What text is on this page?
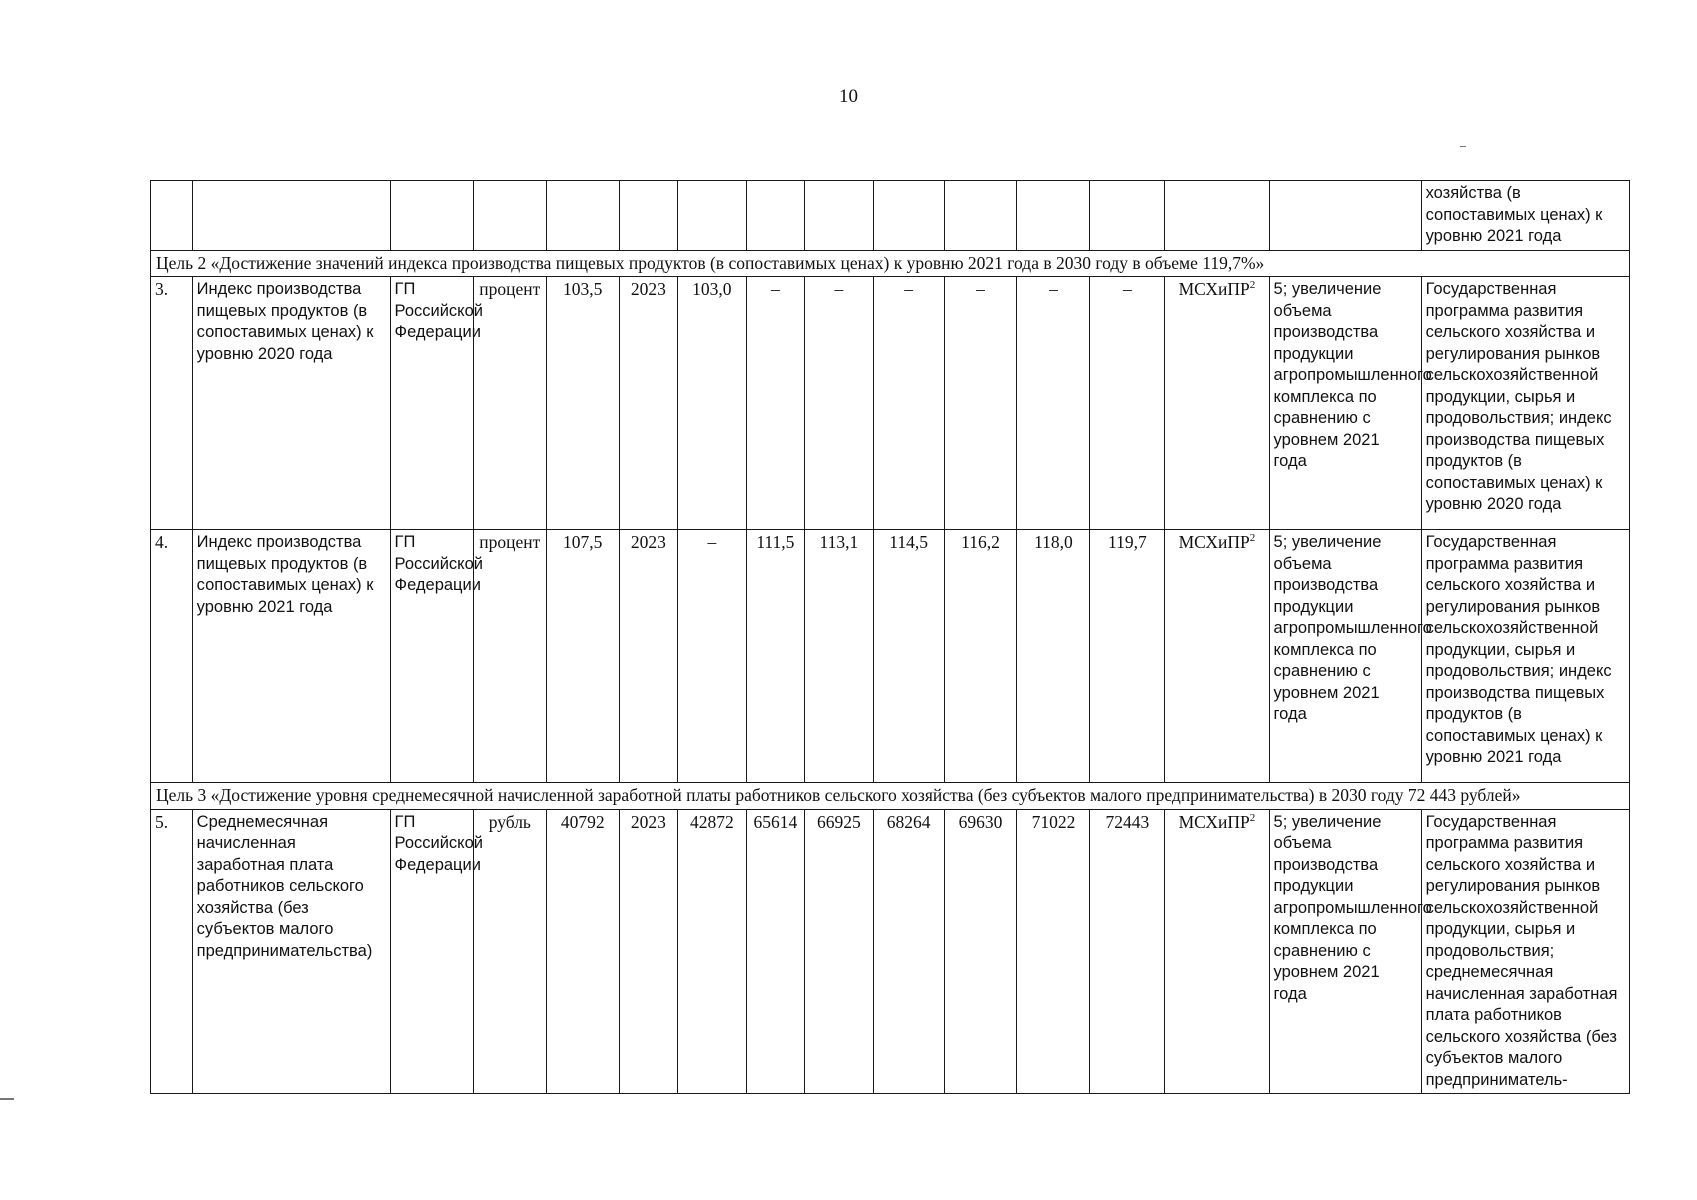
10
															хозяйства (в сопоставимых ценах) к уровню 2021 года
Цель 2 «Достижение значений индекса производства пищевых продуктов (в сопоставимых ценах) к уровню 2021 года в 2030 году в объеме 119,7%»															
3.	Индекс производства пищевых продуктов (в сопоставимых ценах) к уровню 2020 года	ГП Российской Федерации	процент	103,5	2023	103,0	–	–	–	–	–	–	МСХиПР$^2$	5; увеличение объема производства продукции агропромышленного комплекса по сравнению с уровнем 2021 года	Государственная программа развития сельского хозяйства и регулирования рынков сельскохозяйственной продукции, сырья и продовольствия; индекс производства пищевых продуктов (в сопоставимых ценах) к уровню 2020 года
4.	Индекс производства пищевых продуктов (в сопоставимых ценах) к уровню 2021 года	ГП Российской Федерации	процент	107,5	2023	–	111,5	113,1	114,5	116,2	118,0	119,7	МСХиПР$^2$	5; увеличение объема производства продукции агропромышленного комплекса по сравнению с уровнем 2021 года	Государственная программа развития сельского хозяйства и регулирования рынков сельскохозяйственной продукции, сырья и продовольствия; индекс производства пищевых продуктов (в сопоставимых ценах) к уровню 2021 года
Цель 3 «Достижение уровня среднемесячной начисленной заработной платы работников сельского хозяйства (без субъектов малого предпринимательства) в 2030 году 72 443 рублей»															
5.	Среднемесячная начисленная заработная плата работников сельского хозяйства (без субъектов малого предпринимательства)	ГП Российской Федерации	рубль	40792	2023	42872	65614	66925	68264	69630	71022	72443	МСХиПР$^2$	5; увеличение объема производства продукции агропромышленного комплекса по сравнению с уровнем 2021 года	Государственная программа развития сельского хозяйства и регулирования рынков сельскохозяйственной продукции, сырья и продовольствия; среднемесячная начисленная заработная плата работников сельского хозяйства (без субъектов малого предприниматель-
